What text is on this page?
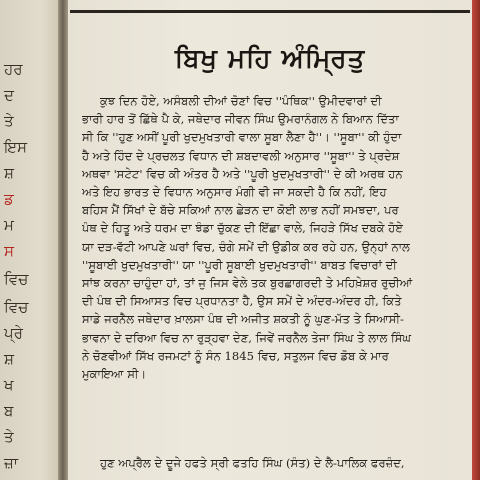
ਹਰ
ਦ
ਤੇ
ਇਸ
ਸ਼
ਡ
ਮ
ਸ
ਵਿਚ
ਵਿਚ
ਪ੍ਰੇ
ਸ਼
ਖ
ਬ
ਤੇ
ਜ਼ਾ
ਬਿਖੁ ਮਹਿ ਅੰਮ੍ਰਿਤੁ

ਕੁਝ ਦਿਨ ਹੋਏ, ਅਸੰਬਲੀ ਦੀਆਂ ਚੋਣਾਂ ਵਿਚ ''ਪੰਥਿਕ'' ਉਮੀਦਵਾਰਾਂ ਦੀ
ਭਾਰੀ ਹਾਰ ਤੋਂ ਛਿੱਥੇ ਪੈ ਕੇ, ਜਥੇਦਾਰ ਜੀਵਨ ਸਿੰਘ ਉਮਰਾਨੰਗਲ ਨੇ ਬਿਆਨ ਦਿੱਤਾ
ਸੀ ਕਿ ''ਹੁਣ ਅਸੀਂ ਪੂਰੀ ਖੁਦਮੁਖਤਾਰੀ ਵਾਲਾ ਸੂਬਾ ਲੈਣਾ ਹੈ''। ''ਸੂਬਾ'' ਕੀ ਹੁੰਦਾ
ਹੈ ਅਤੇ ਹਿੰਦ ਦੇ ਪ੍ਰਚਲਤ ਵਿਧਾਨ ਦੀ ਸ਼ਬਦਾਵਲੀ ਅਨੁਸਾਰ ''ਸੂਬਾ'' ਤੇ ਪ੍ਰਦੇਸ਼
ਅਥਵਾ 'ਸਟੇਟ' ਵਿਚ ਕੀ ਅੰਤਰ ਹੈ ਅਤੇ ''ਪੂਰੀ ਖੁਦਮੁਖਤਾਰੀ'' ਦੇ ਕੀ ਅਰਥ ਹਨ
ਅਤੇ ਇਹ ਭਾਰਤ ਦੇ ਵਿਧਾਨ ਅਨੁਸਾਰ ਮੰਗੀ ਵੀ ਜਾ ਸਕਦੀ ਹੈ ਕਿ ਨਹੀਂ, ਇਹ
ਬਹਿਸ ਮੈਂ ਸਿੱਖਾਂ ਦੇ ਬੱਚੇ ਸਕਿਆਂ ਨਾਲ ਛੇੜਨ ਦਾ ਕੋਈ ਲਾਭ ਨਹੀਂ ਸਮਝਦਾ, ਪਰ
ਪੰਥ ਦੇ ਹਿਤੂ ਅਤੇ ਧਰਮ ਦਾ ਝੰਡਾ ਚੁੱਕਣ ਦੀ ਇੱਛਾ ਵਾਲੇ, ਜਿਹੜੇ ਸਿੱਖ ਦਬਕੇ ਹੋਏ
ਯਾ ਦੜ-ਵੱਟੀ ਆਪਣੇ ਘਰਾਂ ਵਿਚ, ਚੰਗੇ ਸਮੇਂ ਦੀ ਉਡੀਕ ਕਰ ਰਹੇ ਹਨ, ਉਨ੍ਹਾਂ ਨਾਲ
''ਸੂਬਾਈ ਖੁਦਮੁਖਤਾਰੀ'' ਯਾ ''ਪੂਰੀ ਸੂਬਾਈ ਖੁਦਮੁਖਤਾਰੀ'' ਬਾਬਤ ਵਿਚਾਰਾਂ ਦੀ
ਸਾਂਝ ਕਰਨਾ ਚਾਹੁੰਦਾ ਹਾਂ, ਤਾਂ ਜੁ ਜਿਸ ਵੇਲੇ ਤਕ ਬੁਰਛਾਗਰਦੀ ਤੇ ਮਹਿਖ਼ੇਸ਼ਰ ਰੁਚੀਆਂ
ਦੀ ਪੰਥ ਦੀ ਸਿਆਸਤ ਵਿਚ ਪ੍ਰਧਾਨਤਾ ਹੈ, ਉਸ ਸਮੇਂ ਦੇ ਅੰਦਰ-ਅੰਦਰ ਹੀ, ਕਿਤੇ
ਸਾਡੇ ਜਰਨੈਲ ਜਥੇਦਾਰ ਖ਼ਾਲਸਾ ਪੰਥ ਦੀ ਅਜੀਤ ਸ਼ਕਤੀ ਨੂੰ ਘੁਣ-ਮੱਤ ਤੇ ਸਿਆਸੀ-
ਭਾਵਨਾ ਦੇ ਦਰਿਆ ਵਿਚ ਨਾ ਰੁੜ੍ਹਵਾ ਦੇਣ, ਜਿਵੇਂ ਜਰਨੈਲ ਤੇਜਾ ਸਿੰਘ ਤੇ ਲਾਲ ਸਿੰਘ
ਨੇ ਚੋਣਵੀਆਂ ਸਿੱਖ ਰਜਮਟਾਂ ਨੂੰ ਸੰਨ 1845 ਵਿਚ, ਸਤੁਲਜ ਵਿਚ ਡੋਬ ਕੇ ਮਾਰ
ਮੁਕਾਇਆ ਸੀ।

ਹੁਣ ਅਪ੍ਰੈਲ ਦੇ ਦੂਜੇ ਹਫਤੇ ਸ੍ਰੀ ਫਤਹਿ ਸਿੰਘ (ਸੰਤ) ਦੇ ਲੈ-ਪਾਲਿਕ ਫਰਜ਼ੰਦ,
